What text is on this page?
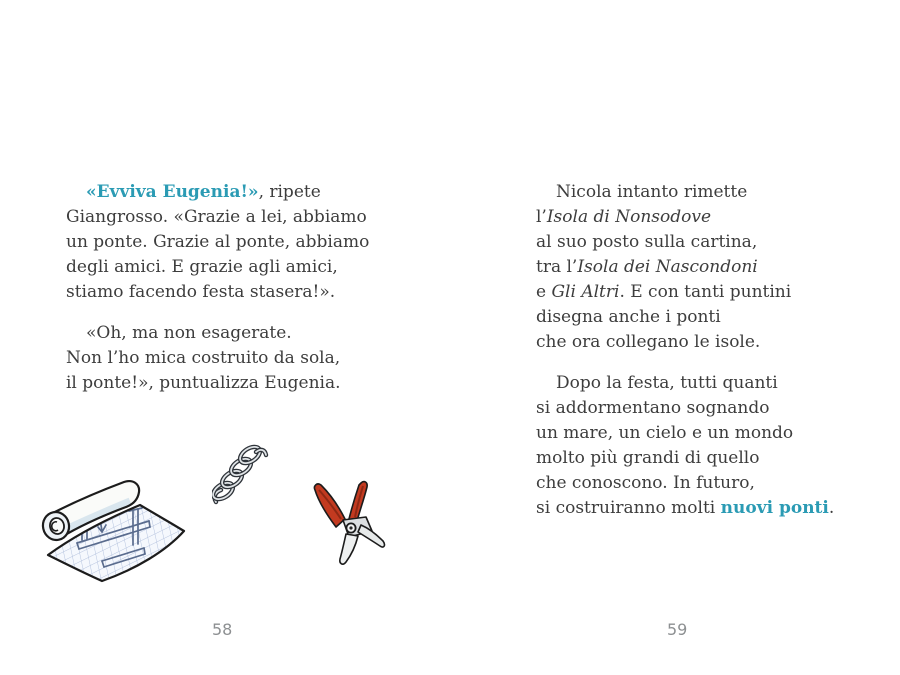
«Evviva Eugenia!», ripete
Giangrosso. «Grazie a lei, abbiamo
un ponte. Grazie al ponte, abbiamo
degli amici. E grazie agli amici,
stiamo facendo festa stasera!».
«Oh, ma non esagerate.
Non l’ho mica costruito da sola,
il ponte!», puntualizza Eugenia.
58
Nicola intanto rimette
l’Isola di Nonsodove
al suo posto sulla cartina,
tra l’Isola dei Nascondoni
e Gli Altri. E con tanti puntini
disegna anche i ponti
che ora collegano le isole.
Dopo la festa, tutti quanti
si addormentano sognando
un mare, un cielo e un mondo
molto più grandi di quello
che conoscono. In futuro,
si costruiranno molti nuovi ponti.
59
